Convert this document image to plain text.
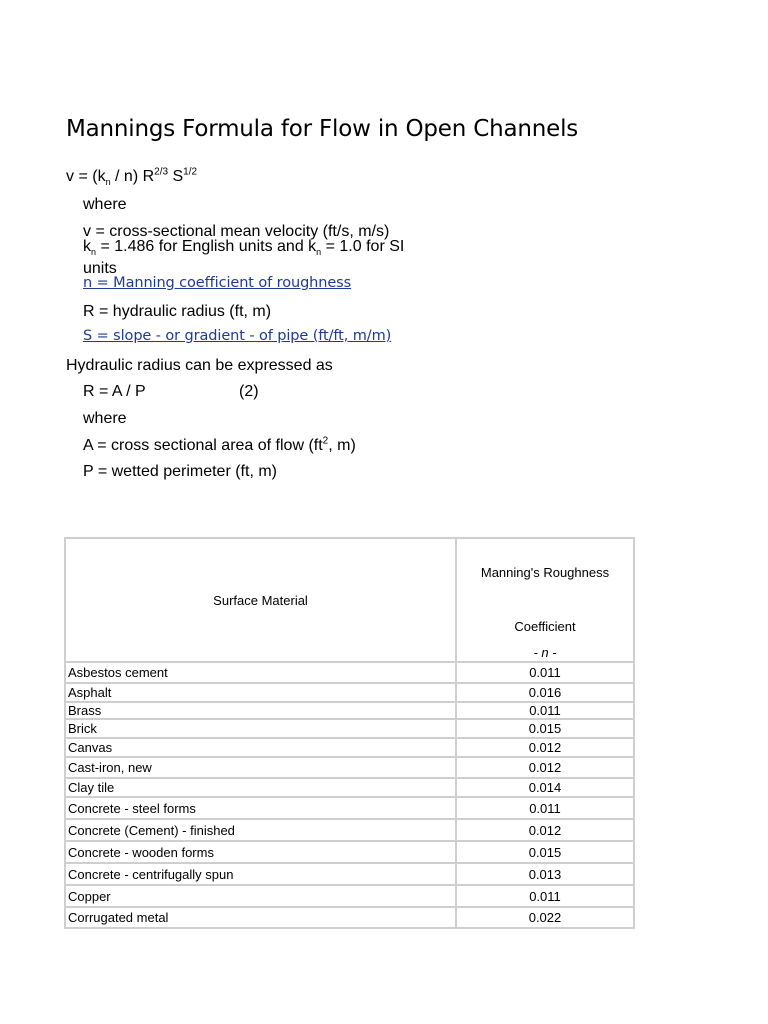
Mannings Formula for Flow in Open Channels
$v = (k_n / n)$ $R^{2/3}$ $S^{1/2}$
where
v = cross-sectional mean velocity (ft/s, m/s)
$k_n = 1.486$ for English units and $k_n = 1.0$ for SI
units
n = Manning coefficient of roughness
R = hydraulic radius (ft, m)
S = slope - or gradient - of pipe (ft/ft, m/m)
Hydraulic radius can be expressed as
R = A / P	(2)
where
A = cross sectional area of flow ($ft^2$, m)
P = wetted perimeter (ft, m)
Surface Material	Manning's Roughness
Coefficient
- n -

Asbestos cement	0.011
Asphalt	0.016
Brass	0.011
Brick	0.015
Canvas	0.012
Cast-iron, new	0.012
Clay tile	0.014
Concrete - steel forms	0.011
Concrete (Cement) - finished	0.012
Concrete - wooden forms	0.015
Concrete - centrifugally spun	0.013
Copper	0.011
Corrugated metal	0.022
